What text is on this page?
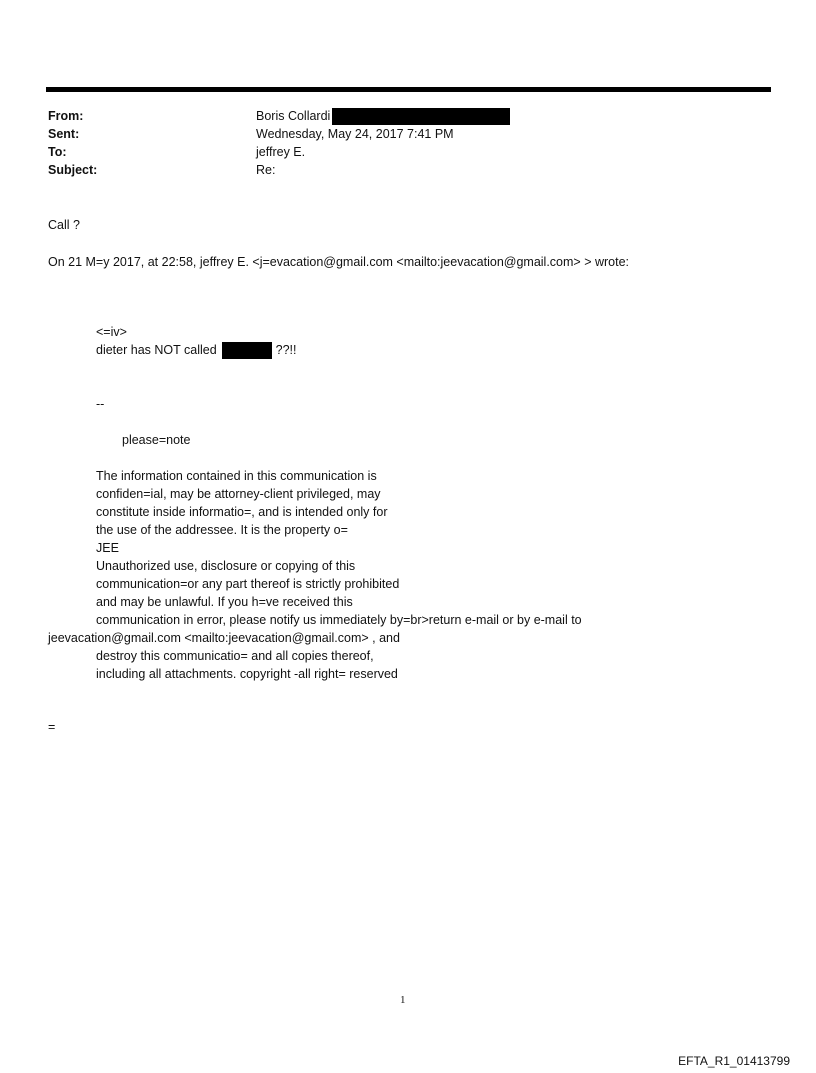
From:	Boris Collardi
Sent:	Wednesday, May 24, 2017 7:41 PM
To:	jeffrey E.
Subject:	Re:
Call ?
On 21 M=y 2017, at 22:58, jeffrey E. <j=evacation@gmail.com <mailto:jeevacation@gmail.com> > wrote:
<=iv>
dieter has NOT called	??!!
--
please=note
The information contained in this communication is
confiden=ial, may be attorney-client privileged, may
constitute inside informatio=, and is intended only for
the use of the addressee. It is the property o=
JEE
Unauthorized use, disclosure or copying of this
communication=or any part thereof is strictly prohibited
and may be unlawful. If you h=ve received this
communication in error, please notify us immediately by=br>return e-mail or by e-mail to
jeevacation@gmail.com <mailto:jeevacation@gmail.com> , and
destroy this communicatio= and all copies thereof,
including all attachments. copyright -all right= reserved
=
1
EFTA_R1_01413799
